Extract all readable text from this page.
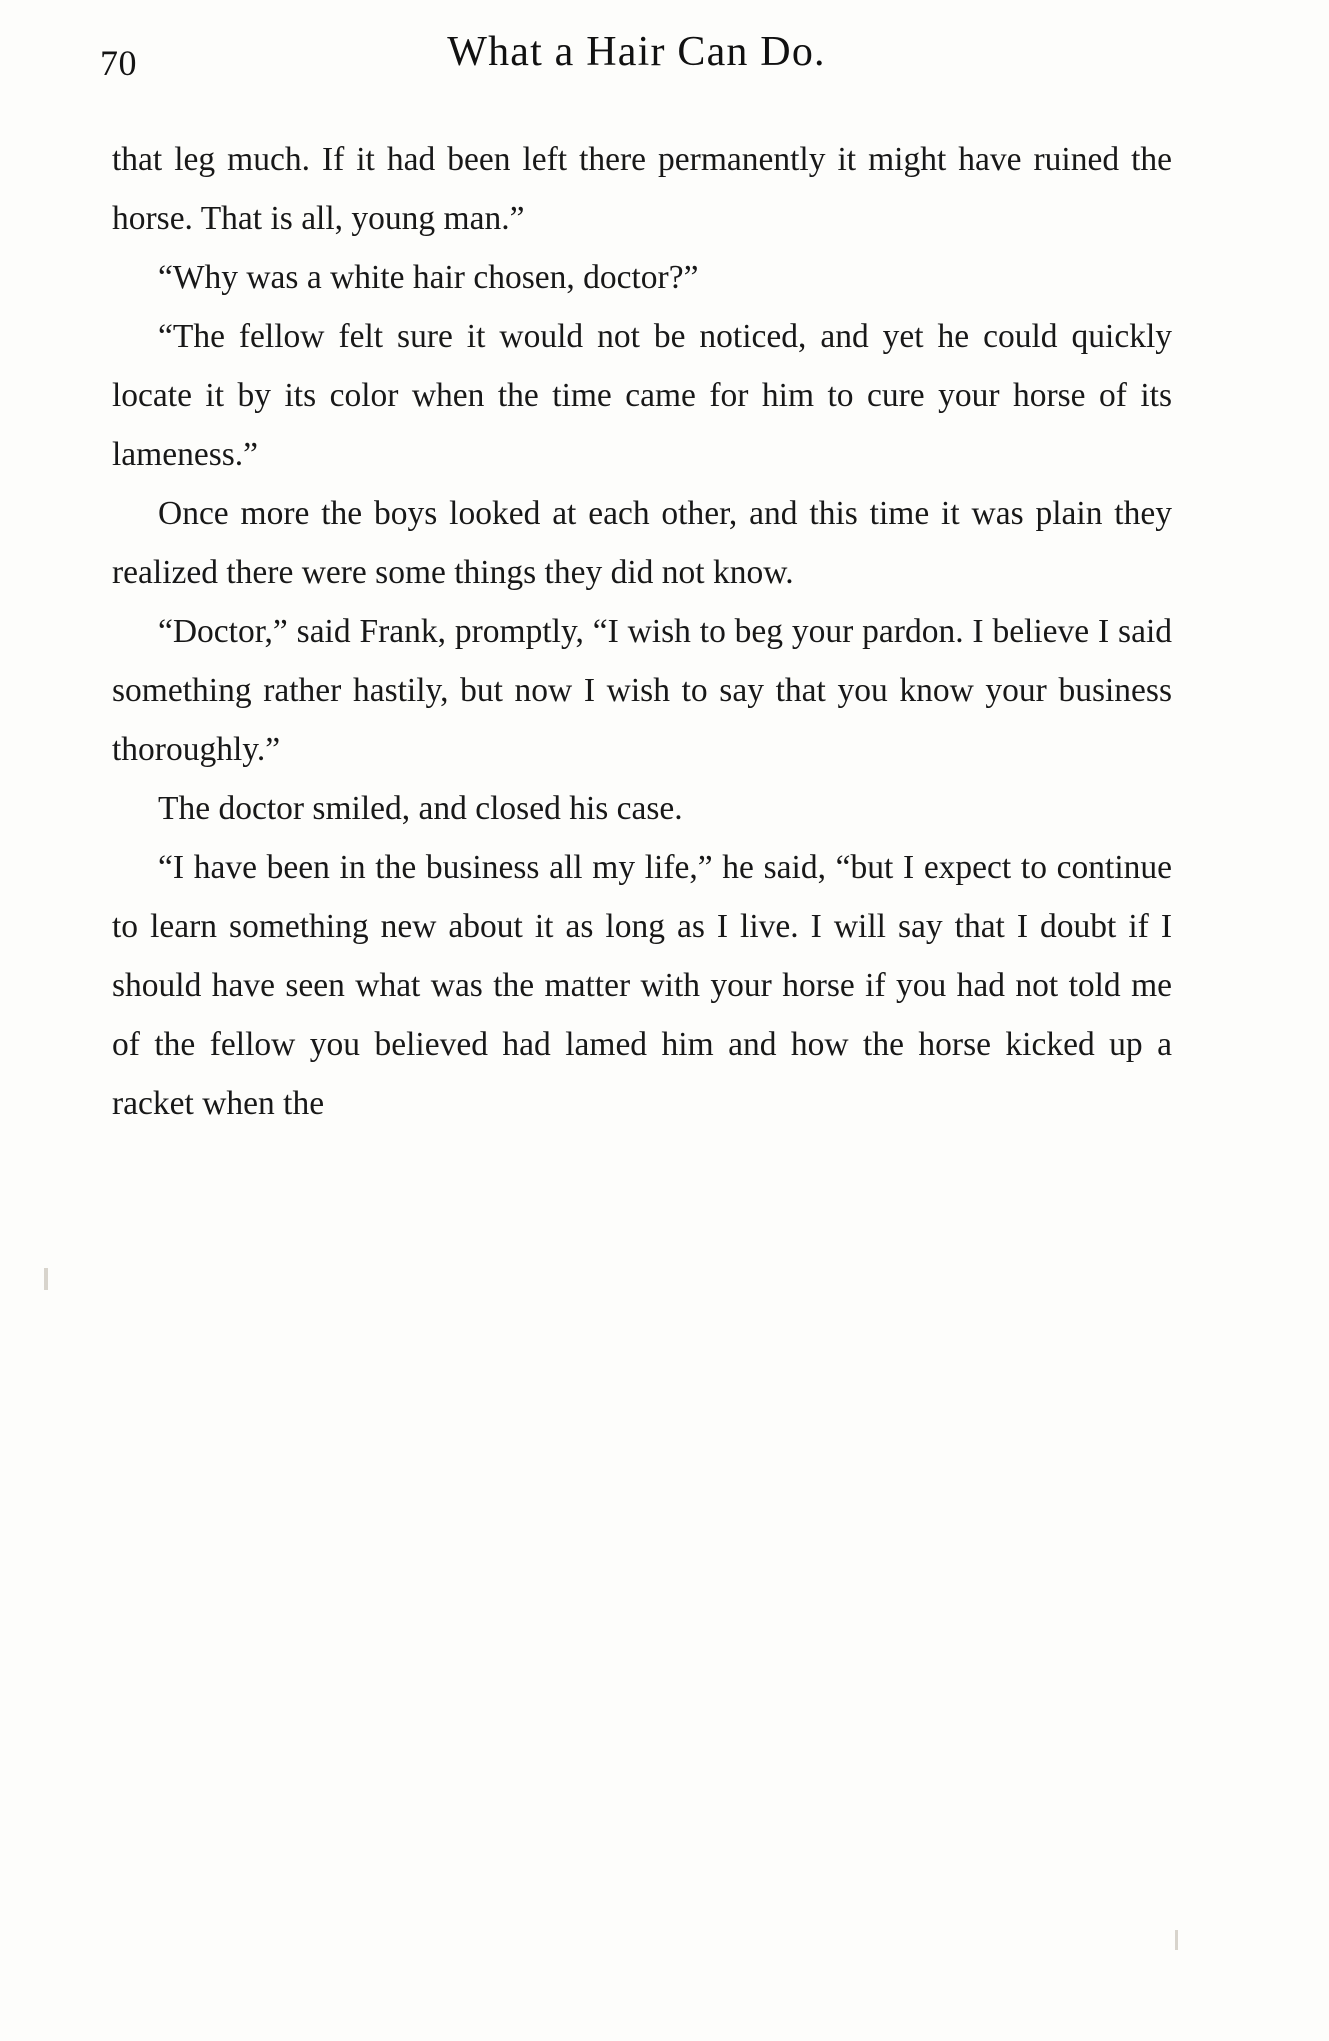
70	What a Hair Can Do.

that leg much. If it had been left there permanently it might have ruined the horse. That is all, young man.”

“Why was a white hair chosen, doctor?”

“The fellow felt sure it would not be noticed, and yet he could quickly locate it by its color when the time came for him to cure your horse of its lameness.”

Once more the boys looked at each other, and this time it was plain they realized there were some things they did not know.

“Doctor,” said Frank, promptly, “I wish to beg your pardon. I believe I said something rather hastily, but now I wish to say that you know your business thoroughly.”

The doctor smiled, and closed his case.

“I have been in the business all my life,” he said, “but I expect to continue to learn something new about it as long as I live. I will say that I doubt if I should have seen what was the matter with your horse if you had not told me of the fellow you believed had lamed him and how the horse kicked up a racket when the
